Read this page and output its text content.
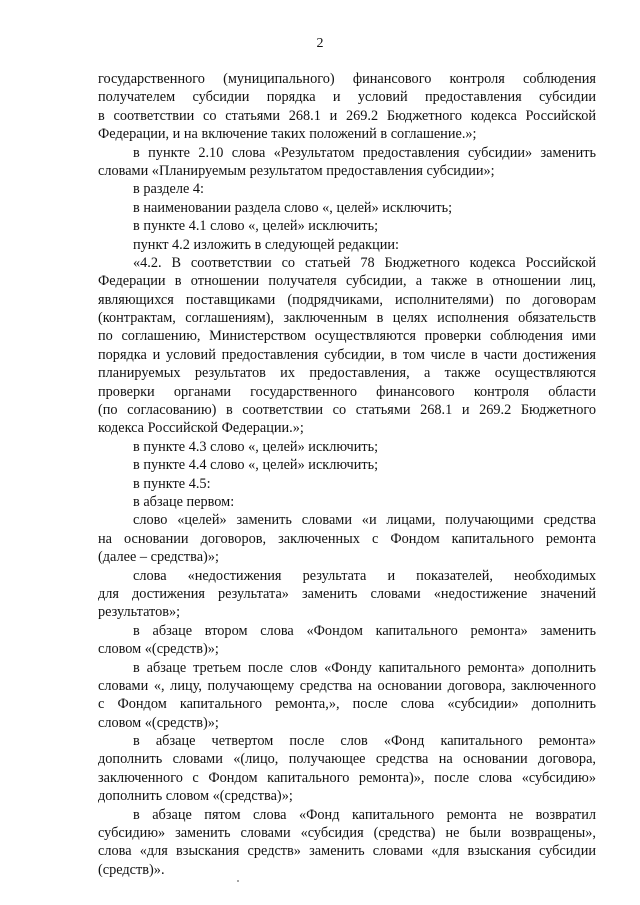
2
государственного (муниципального) финансового контроля соблюдения
получателем субсидии порядка и условий предоставления субсидии
в соответствии со статьями 268.1 и 269.2 Бюджетного кодекса Российской
Федерации, и на включение таких положений в соглашение.»;
в пункте 2.10 слова «Результатом предоставления субсидии» заменить
словами «Планируемым результатом предоставления субсидии»;
в разделе 4:
в наименовании раздела слово «, целей» исключить;
в пункте 4.1 слово «, целей» исключить;
пункт 4.2 изложить в следующей редакции:
«4.2. В соответствии со статьей 78 Бюджетного кодекса Российской
Федерации в отношении получателя субсидии, а также в отношении лиц,
являющихся поставщиками (подрядчиками, исполнителями) по договорам
(контрактам, соглашениям), заключенным в целях исполнения обязательств
по соглашению, Министерством осуществляются проверки соблюдения ими
порядка и условий предоставления субсидии, в том числе в части достижения
планируемых результатов их предоставления, а также осуществляются
проверки органами государственного финансового контроля области
(по согласованию) в соответствии со статьями 268.1 и 269.2 Бюджетного
кодекса Российской Федерации.»;
в пункте 4.3 слово «, целей» исключить;
в пункте 4.4 слово «, целей» исключить;
в пункте 4.5:
в абзаце первом:
слово «целей» заменить словами «и лицами, получающими средства
на основании договоров, заключенных с Фондом капитального ремонта
(далее – средства)»;
слова «недостижения результата и показателей, необходимых
для достижения результата» заменить словами «недостижение значений
результатов»;
в абзаце втором слова «Фондом капитального ремонта» заменить
словом «(средств)»;
в абзаце третьем после слов «Фонду капитального ремонта» дополнить
словами «, лицу, получающему средства на основании договора, заключенного
с Фондом капитального ремонта,», после слова «субсидии» дополнить
словом «(средств)»;
в абзаце четвертом после слов «Фонд капитального ремонта»
дополнить словами «(лицо, получающее средства на основании договора,
заключенного с Фондом капитального ремонта)», после слова «субсидию»
дополнить словом «(средства)»;
в абзаце пятом слова «Фонд капитального ремонта не возвратил
субсидию» заменить словами «субсидия (средства) не были возвращены»,
слова «для взыскания средств» заменить словами «для взыскания субсидии
(средств)».
